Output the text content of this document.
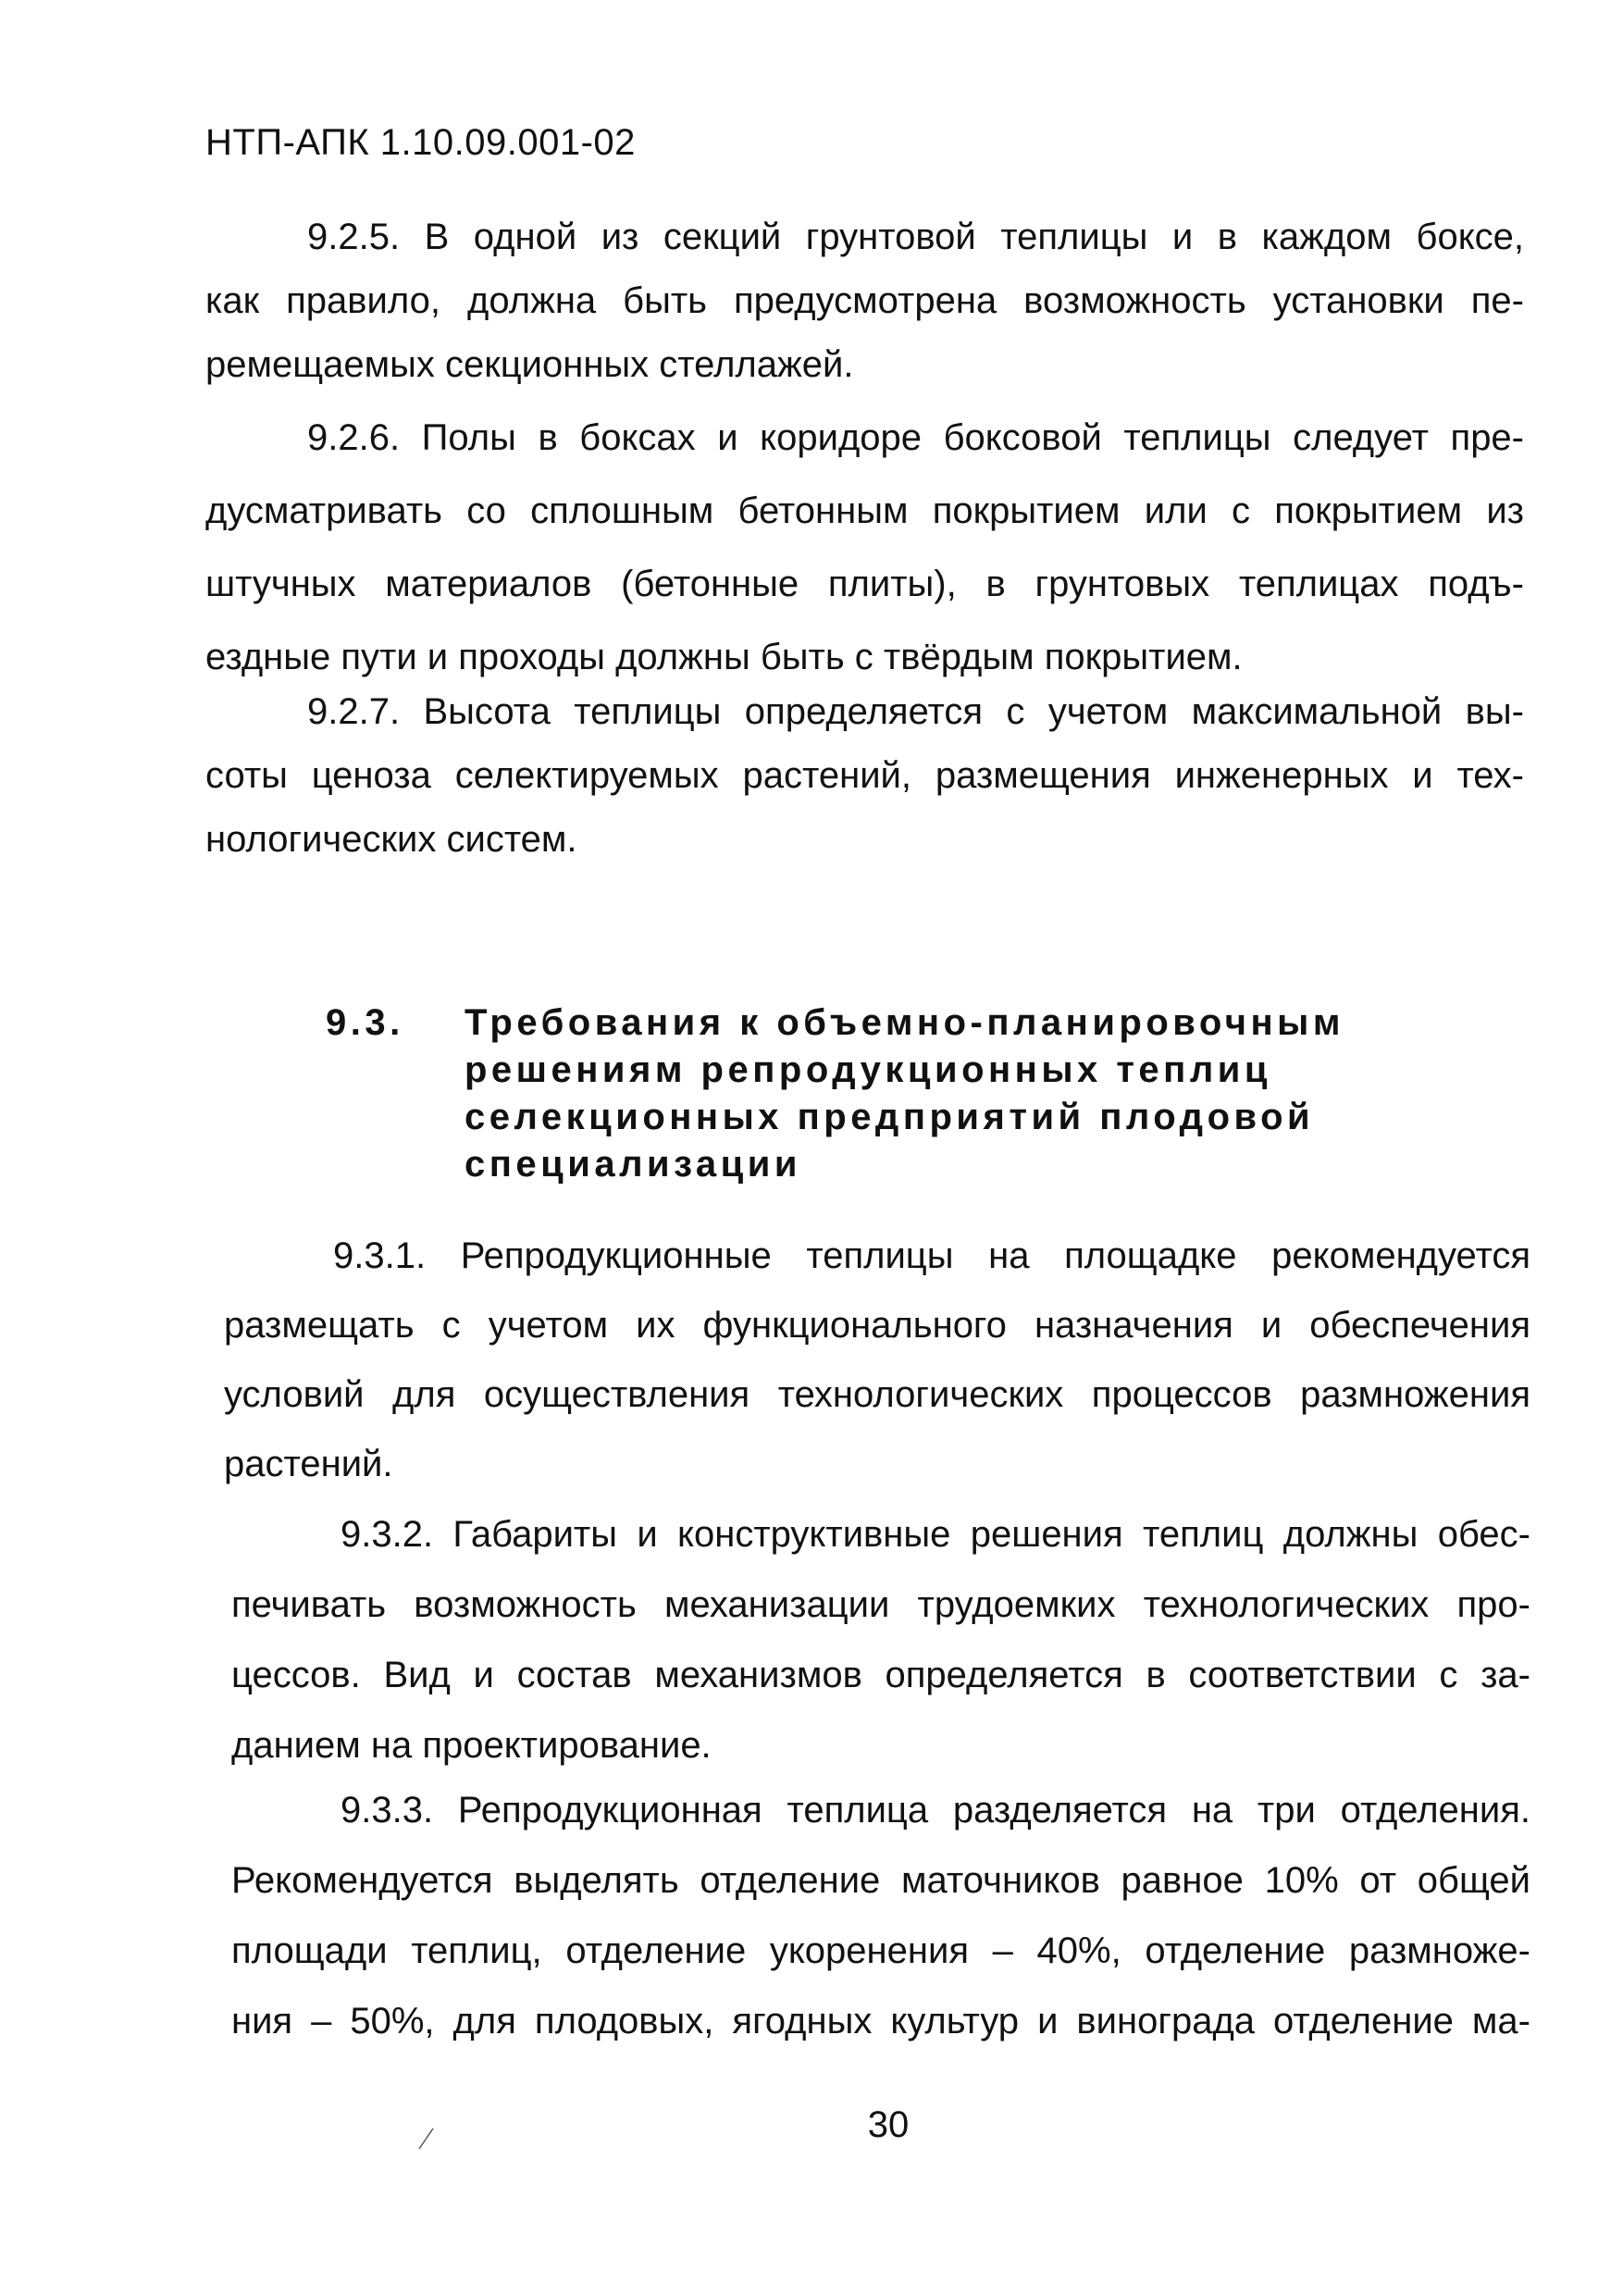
НТП-АПК 1.10.09.001-02
9.2.5. В одной из секций грунтовой теплицы и в каждом боксе,
как правило, должна быть предусмотрена возможность установки пе-
ремещаемых секционных стеллажей.
9.2.6. Полы в боксах и коридоре боксовой теплицы следует пре-
дусматривать со сплошным бетонным покрытием или с покрытием из
штучных материалов (бетонные плиты), в грунтовых теплицах подъ-
ездные пути и проходы должны быть с твёрдым покрытием.
9.2.7. Высота теплицы определяется с учетом максимальной вы-
соты ценоза селектируемых растений, размещения инженерных и тех-
нологических систем.
9.3. Требования к объемно-планировочным
решениям репродукционных теплиц
селекционных предприятий плодовой
специализации
9.3.1. Репродукционные теплицы на площадке рекомендуется
размещать с учетом их функционального назначения и обеспечения
условий для осуществления технологических процессов размножения
растений.
9.3.2. Габариты и конструктивные решения теплиц должны обес-
печивать возможность механизации трудоемких технологических про-
цессов. Вид и состав механизмов определяется в соответствии с за-
данием на проектирование.
9.3.3. Репродукционная теплица разделяется на три отделения.
Рекомендуется выделять отделение маточников равное 10% от общей
площади теплиц, отделение укоренения – 40%, отделение размноже-
ния – 50%, для плодовых, ягодных культур и винограда отделение ма-
30
